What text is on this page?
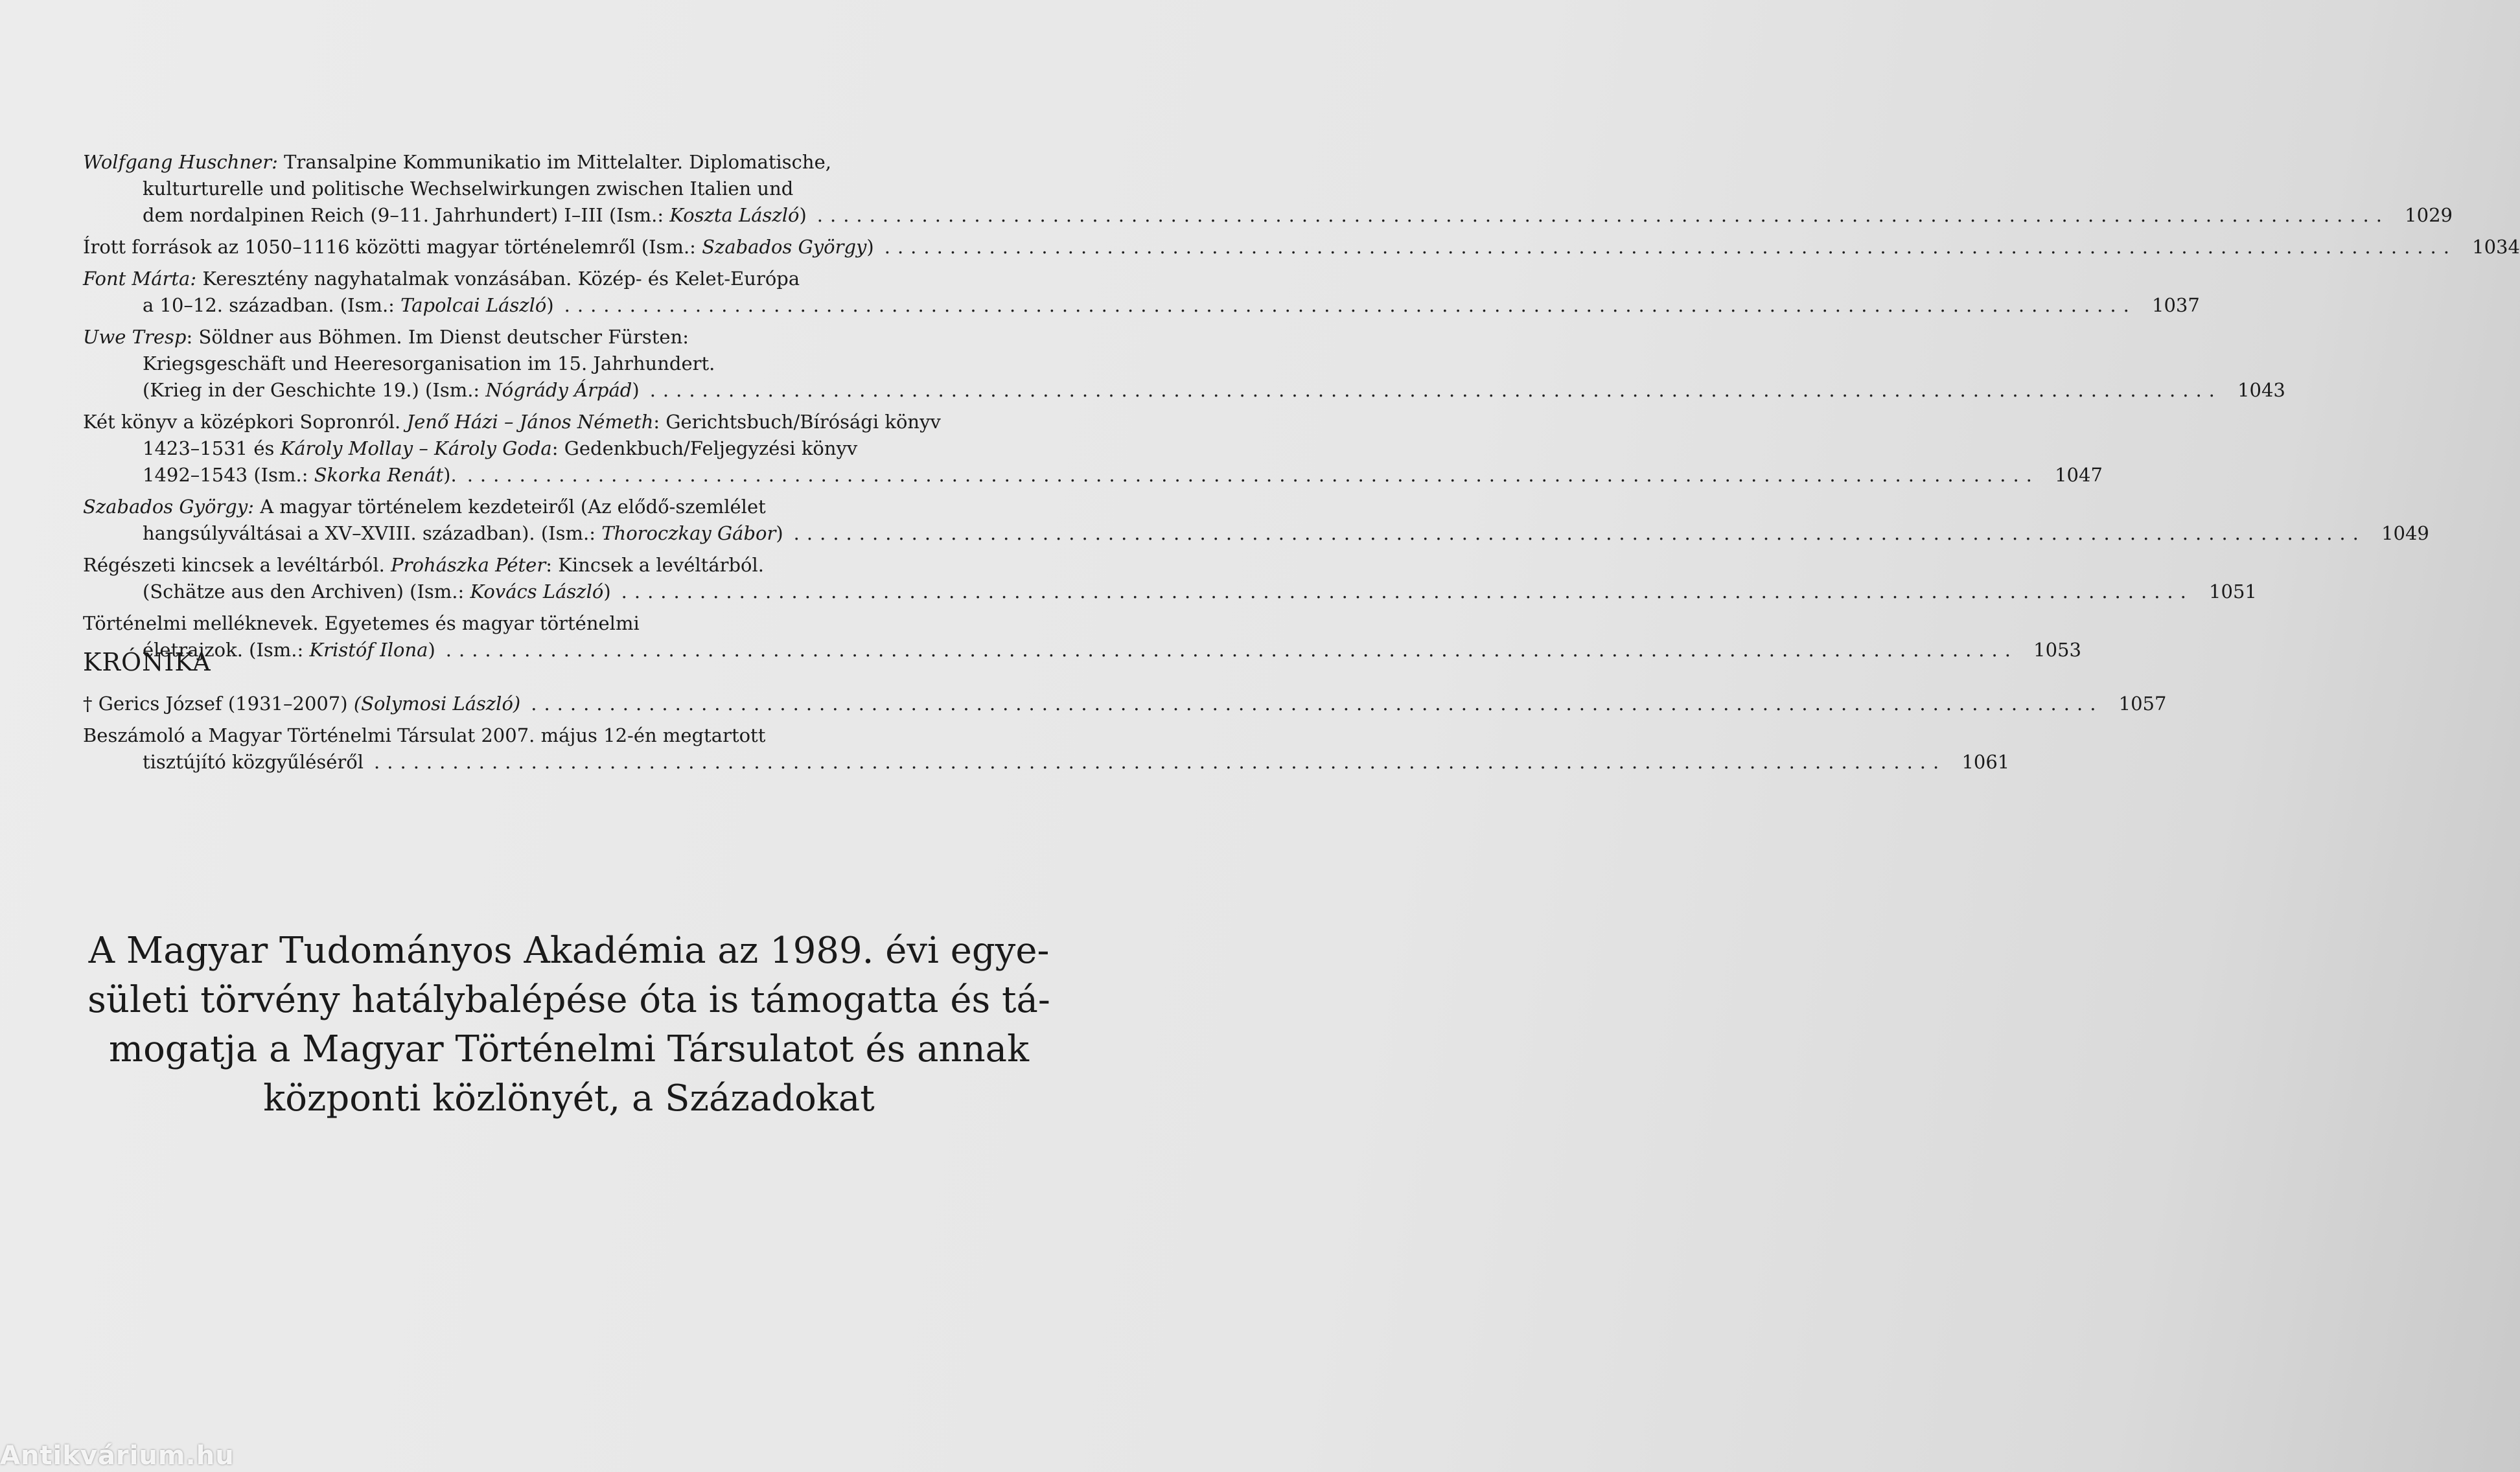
Wolfgang Huschner: Transalpine Kommunikatio im Mittelalter. Diplomatische,
kulturturelle und politische Wechselwirkungen zwischen Italien und
dem nordalpinen Reich (9–11. Jahrhundert) I–III (Ism.: Koszta László) ........................................................................................................................ 1029
Írott források az 1050–1116 közötti magyar történelemről (Ism.: Szabados György) ........................................................................................................................ 1034
Font Márta: Keresztény nagyhatalmak vonzásában. Közép- és Kelet-Európa
a 10–12. században. (Ism.: Tapolcai László) ........................................................................................................................ 1037
Uwe Tresp: Söldner aus Böhmen. Im Dienst deutscher Fürsten:
Kriegsgeschäft und Heeresorganisation im 15. Jahrhundert.
(Krieg in der Geschichte 19.) (Ism.: Nógrády Árpád) ........................................................................................................................ 1043
Két könyv a középkori Sopronról. Jenő Házi – János Németh: Gerichtsbuch/Bírósági könyv
1423–1531 és Károly Mollay – Károly Goda: Gedenkbuch/Feljegyzési könyv
1492–1543 (Ism.: Skorka Renát). ........................................................................................................................ 1047
Szabados György: A magyar történelem kezdeteiről (Az elődő-szemlélet
hangsúlyváltásai a XV–XVIII. században). (Ism.: Thoroczkay Gábor) ........................................................................................................................ 1049
Régészeti kincsek a levéltárból. Prohászka Péter: Kincsek a levéltárból.
(Schätze aus den Archiven) (Ism.: Kovács László) ........................................................................................................................ 1051
Történelmi melléknevek. Egyetemes és magyar történelmi
életrajzok. (Ism.: Kristóf Ilona) ........................................................................................................................ 1053
KRÓNIKA
† Gerics József (1931–2007) (Solymosi László) ........................................................................................................................ 1057
Beszámoló a Magyar Történelmi Társulat 2007. május 12-én megtartott
tisztújító közgyűléséről ........................................................................................................................ 1061

A Magyar Tudományos Akadémia az 1989. évi egye-

sületi törvény hatálybalépése óta is támogatta és tá-

mogatja a Magyar Történelmi Társulatot és annak

központi közlönyét, a Századokat

Antikvárium.hu
